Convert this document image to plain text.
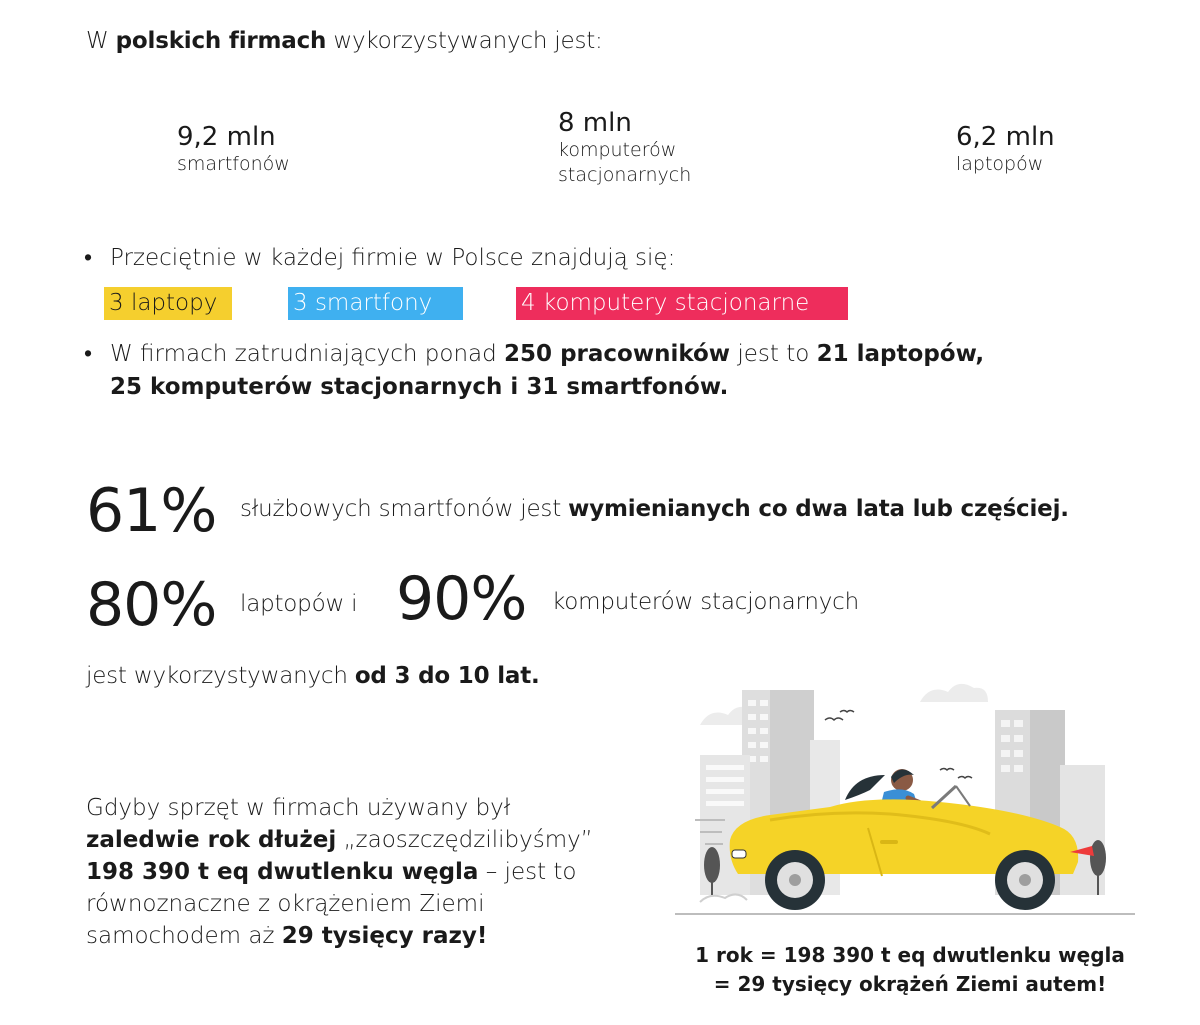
W polskich firmach wykorzystywanych jest:
9,2 mln
smartfonów
8 mln
komputerów
stacjonarnych
6,2 mln
laptopów
• Przeciętnie w każdej firmie w Polsce znajdują się:
3 laptopy	3 smartfony	4 komputery stacjonarne
• W firmach zatrudniających ponad 250 pracowników jest to 21 laptopów,
25 komputerów stacjonarnych i 31 smartfonów.
61% służbowych smartfonów jest wymienianych co dwa lata lub częściej.
80% laptopów i 90% komputerów stacjonarnych
jest wykorzystywanych od 3 do 10 lat.
Gdyby sprzęt w firmach używany był
zaledwie rok dłużej „zaoszczędzilibyśmy”
198 390 t eq dwutlenku węgla – jest to
równoznaczne z okrążeniem Ziemi
samochodem aż 29 tysięcy razy!
1 rok = 198 390 t eq dwutlenku węgla
= 29 tysięcy okrążeń Ziemi autem!
